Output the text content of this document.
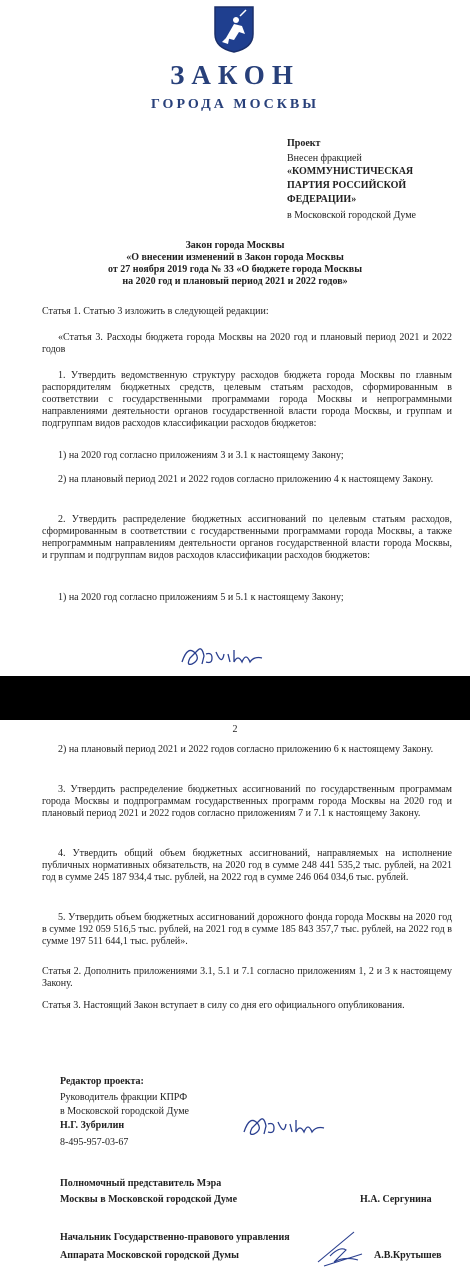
ЗАКОН
ГОРОДА МОСКВЫ
Проект
Внесен фракцией
«КОММУНИСТИЧЕСКАЯ
ПАРТИЯ РОССИЙСКОЙ
ФЕДЕРАЦИИ»
в Московской городской Думе
Закон города Москвы
«О внесении изменений в Закон города Москвы
от 27 ноября 2019 года № 33 «О бюджете города Москвы
на 2020 год и плановый период 2021 и 2022 годов»
Статья 1. Статью 3 изложить в следующей редакции:
«Статья 3. Расходы бюджета города Москвы на 2020 год и плановый период 2021 и 2022 годов
1. Утвердить ведомственную структуру расходов бюджета города Москвы по главным распорядителям бюджетных средств, целевым статьям расходов, сформированным в соответствии с государственными программами города Москвы и непрограммными направлениями деятельности органов государственной власти города Москвы, и группам и подгруппам видов расходов классификации расходов бюджетов:
1) на 2020 год согласно приложениям 3 и 3.1 к настоящему Закону;
2) на плановый период 2021 и 2022 годов согласно приложению 4 к настоящему Закону.
2. Утвердить распределение бюджетных ассигнований по целевым статьям расходов, сформированным в соответствии с государственными программами города Москвы, а также непрограммным направлениям деятельности органов государственной власти города Москвы, и группам и подгруппам видов расходов классификации расходов бюджетов:
1) на 2020 год согласно приложениям 5 и 5.1 к настоящему Закону;
2
2) на плановый период 2021 и 2022 годов согласно приложению 6 к настоящему Закону.
3. Утвердить распределение бюджетных ассигнований по государственным программам города Москвы и подпрограммам государственных программ города Москвы на 2020 год и плановый период 2021 и 2022 годов согласно приложениям 7 и 7.1 к настоящему Закону.
4. Утвердить общий объем бюджетных ассигнований, направляемых на исполнение публичных нормативных обязательств, на 2020 год в сумме 248 441 535,2 тыс. рублей, на 2021 год в сумме 245 187 934,4 тыс. рублей, на 2022 год в сумме 246 064 034,6 тыс. рублей.
5. Утвердить объем бюджетных ассигнований дорожного фонда города Москвы на 2020 год в сумме 192 059 516,5 тыс. рублей, на 2021 год в сумме 185 843 357,7 тыс. рублей, на 2022 год в сумме 197 511 644,1 тыс. рублей».
Статья 2. Дополнить приложениями 3.1, 5.1 и 7.1 согласно приложениям 1, 2 и 3 к настоящему Закону.
Статья 3. Настоящий Закон вступает в силу со дня его официального опубликования.
Редактор проекта:
Руководитель фракции КПРФ
в Московской городской Думе
Н.Г. Зубрилин
8-495-957-03-67
Полномочный представитель Мэра
Москвы в Московской городской Думе	Н.А. Сергунина
Начальник Государственно-правового управления
Аппарата Московской городской Думы	А.В.Крутышев
